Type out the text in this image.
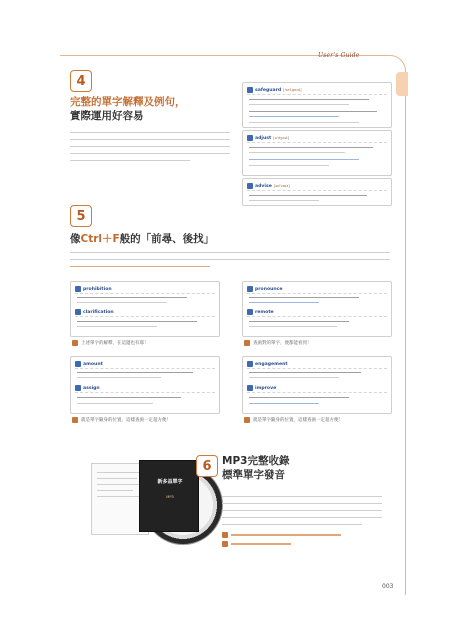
User's Guide
4
完整的單字解釋及例句，
實際運用好容易
safeguard [ˈsefˌɡɑrd]
adjust [əˈdʒʌst]
advise [ədˈvaɪz]
5
像Ctrl＋F般的「前尋、後找」
prohibition
clarification
上述單字的解釋，在這邊也有耶！
pronounce
remote
查詢對的單字，便都能看到！
amount
assign
就是單字隨身的位置，這樣查詢一定超方便！
engagement
improve
就是單字隨身的位置，這樣查詢一定超方便！
新多益單字
MP3
6 MP3完整收錄
標準單字發音
003
